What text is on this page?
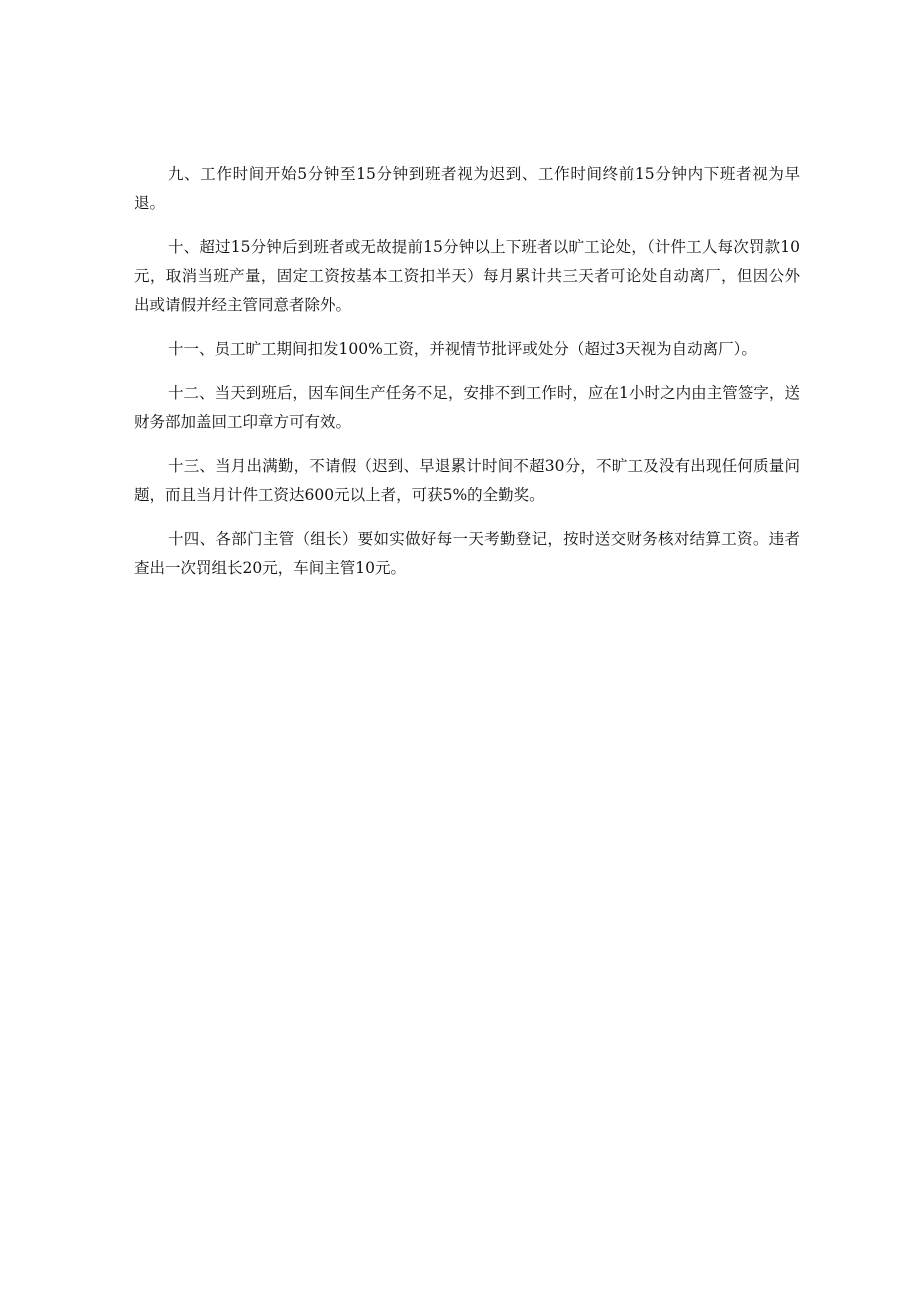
九、工作时间开始5分钟至15分钟到班者视为迟到、工作时间终前15分钟内下班者视为早退。

十、超过15分钟后到班者或无故提前15分钟以上下班者以旷工论处，（计件工人每次罚款10元，取消当班产量，固定工资按基本工资扣半天）每月累计共三天者可论处自动离厂，但因公外出或请假并经主管同意者除外。

十一、员工旷工期间扣发100%工资，并视情节批评或处分（超过3天视为自动离厂）。

十二、当天到班后，因车间生产任务不足，安排不到工作时，应在1小时之内由主管签字，送财务部加盖回工印章方可有效。

十三、当月出满勤，不请假（迟到、早退累计时间不超30分，不旷工及没有出现任何质量问题，而且当月计件工资达600元以上者，可获5%的全勤奖。

十四、各部门主管（组长）要如实做好每一天考勤登记，按时送交财务核对结算工资。违者查出一次罚组长20元，车间主管10元。
